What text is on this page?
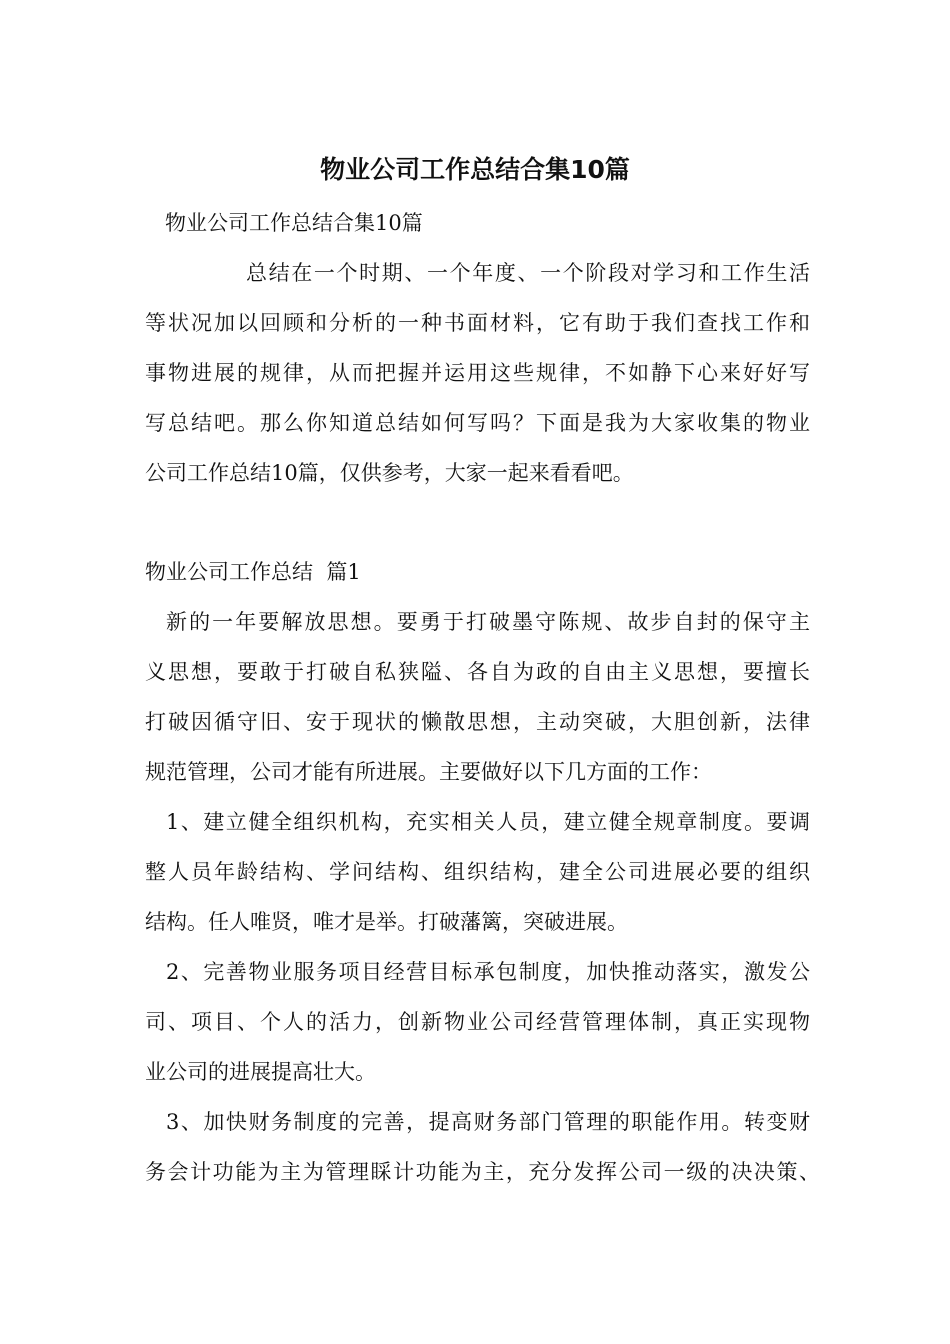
物业公司工作总结合集10篇

物业公司工作总结合集10篇

总结在一个时期、一个年度、一个阶段对学习和工作生活

等状况加以回顾和分析的一种书面材料，它有助于我们查找工作和

事物进展的规律，从而把握并运用这些规律，不如静下心来好好写

写总结吧。那么你知道总结如何写吗？下面是我为大家收集的物业

公司工作总结10篇，仅供参考，大家一起来看看吧。

物业公司工作总结  篇1

新的一年要解放思想。要勇于打破墨守陈规、故步自封的保守主

义思想，要敢于打破自私狭隘、各自为政的自由主义思想，要擅长

打破因循守旧、安于现状的懒散思想，主动突破，大胆创新，法律

规范管理，公司才能有所进展。主要做好以下几方面的工作：

1、建立健全组织机构，充实相关人员，建立健全规章制度。要调

整人员年龄结构、学问结构、组织结构，建全公司进展必要的组织

结构。任人唯贤，唯才是举。打破藩篱，突破进展。

2、完善物业服务项目经营目标承包制度，加快推动落实，激发公

司、项目、个人的活力，创新物业公司经营管理体制，真正实现物

业公司的进展提高壮大。

3、加快财务制度的完善，提高财务部门管理的职能作用。转变财

务会计功能为主为管理睬计功能为主，充分发挥公司一级的决决策、
